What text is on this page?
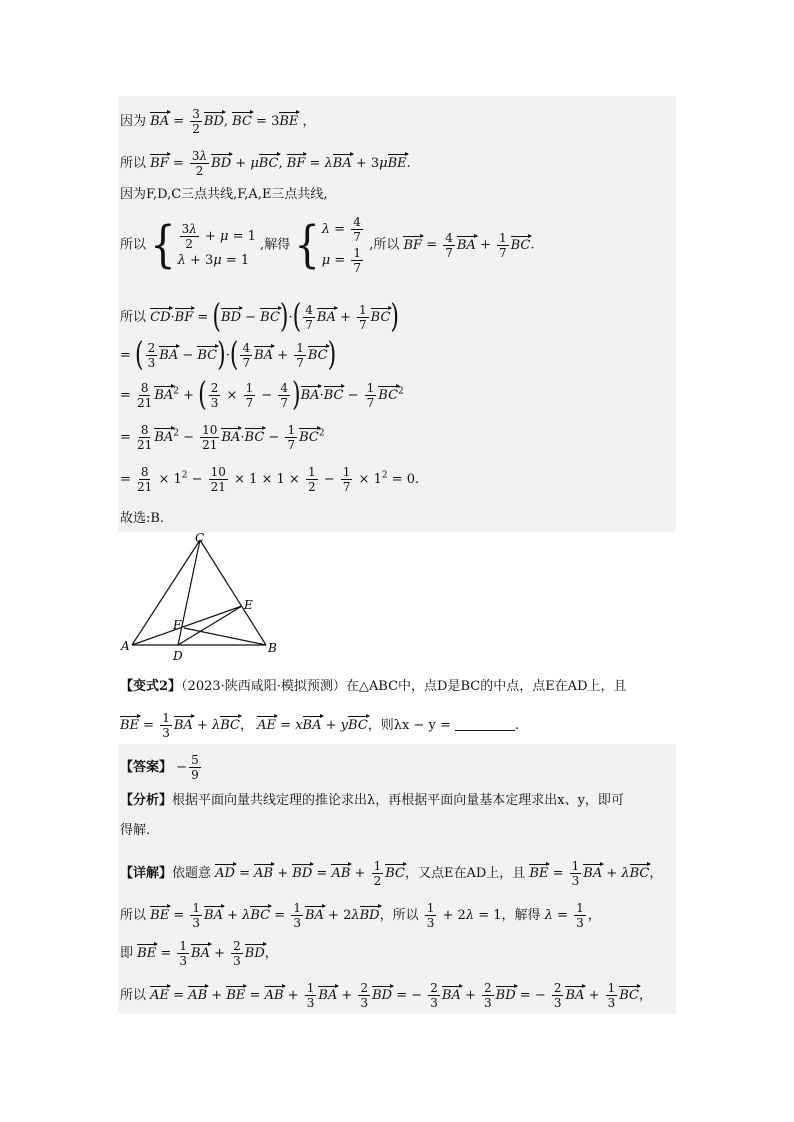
因为 BA = $\frac{3}{2}$ BD, BC = 3BE ，
所以 BF = $\frac{3\lambda}{2}$ BD + μBC, BF = λBA + 3μBE.
因为F,D,C三点共线,F,A,E三点共线,
所以 { $\frac{3\lambda}{2} + \mu = 1$
λ + 3μ = 1
,解得 { $\lambda = \frac{4}{7}$
$\mu = \frac{1}{7}$
,所以 BF = $\frac{4}{7}$ BA + $\frac{1}{7}$ BC.
所以 $CD\cdot BF = (BD - BC)\cdot( \frac{4}{7}$ BA + $\frac{1}{7} BC$)
= ( $\frac{2}{3}$ BA − $BC)\cdot( \frac{4}{7}$ BA + $\frac{1}{7} BC$)
= $\frac{8}{21} BA^2$ + ( $\frac{2}{3} \times \frac{1}{7} - \frac{4}{7} )BA\cdot BC - \frac{1}{7} BC^2$
= $\frac{8}{21} BA^2 - \frac{10}{21} BA\cdot BC - \frac{1}{7} BC^2$
= $\frac{8}{21} \times 1^2 - \frac{10}{21} \times 1 \times 1 \times \frac{1}{2} - \frac{1}{7} \times 1^2 = 0$.
故选:B.
C
E
F
A	B
D
【变式2】（2023·陕西咸阳·模拟预测）在△ABC中，点D是BC的中点，点E在AD上，且
BE = $\frac{1}{3}$ BA + λBC， AE = xBA + yBC，则λx − y =	.
【答案】 − $\frac{5}{9}$
【分析】根据平面向量共线定理的推论求出λ，再根据平面向量基本定理求出x、y，即可
得解.
【详解】依题意 AD = AB + BD = AB + $\frac{1}{2}$ BC，又点E在AD上，且 BE = $\frac{1}{3}$ BA + λBC，
所以 BE = $\frac{1}{3}$ BA + $\lambda BC = \frac{1}{3}$ BA + 2λBD，所以 $\frac{1}{3} + 2\lambda = 1$，解得 $\lambda = \frac{1}{3}$ ，
即 BE = $\frac{1}{3}$ BA + $\frac{2}{3}$ BD，
所以 AE = AB + BE = AB + $\frac{1}{3}$ BA + $\frac{2}{3}$ BD = − $\frac{2}{3}$ BA + $\frac{2}{3}$ BD = − $\frac{2}{3}$ BA + $\frac{1}{3}$ BC，
